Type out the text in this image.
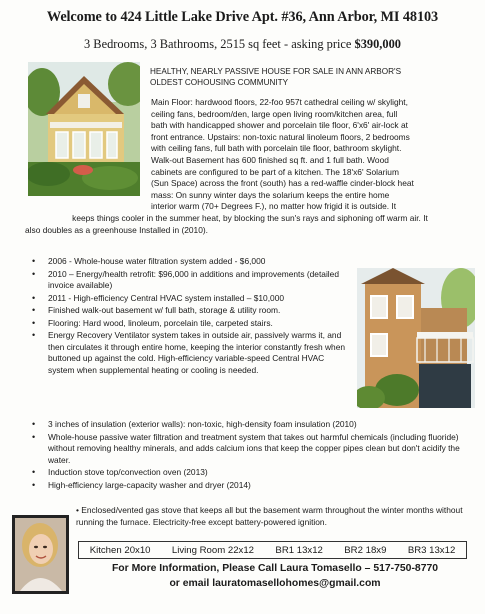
Welcome to 424 Little Lake Drive Apt. #36, Ann Arbor, MI 48103
3 Bedrooms, 3 Bathrooms, 2515 sq feet - asking price $390,000
HEALTHY, NEARLY PASSIVE HOUSE FOR SALE IN ANN ARBOR'S
OLDEST COHOUSING COMMUNITY

Main Floor: hardwood floors, 22-foo 957t cathedral ceiling w/ skylight,

ceiling fans, bedroom/den, large open living room/kitchen area, full

bath with handicapped shower and porcelain tile floor, 6'x6' air-lock at

front entrance. Upstairs: non-toxic natural linoleum floors, 2 bedrooms

with ceiling fans, full bath with porcelain tile floor, bathroom skylight.

Walk-out Basement has 600 finished sq ft. and 1 full bath. Wood

cabinets are configured to be part of a kitchen. The 18'x6' Solarium

(Sun Space) across the front (south) has a red-waffle cinder-block heat

mass: On sunny winter days the solarium keeps the entire home

interior warm (70+ Degrees F.), no matter how frigid it is outside. It

keeps things cooler in the summer heat, by blocking the sun's rays and siphoning off warm air. It

also doubles as a greenhouse Installed in (2010).

• 2006 - Whole-house water filtration system added - $6,000
• 2010 – Energy/health retrofit: $96,000 in additions and improvements (detailed invoice available)
• 2011 - High-efficiency Central HVAC system installed – $10,000
• Finished walk-out basement w/ full bath, storage & utility room.
• Flooring: Hard wood, linoleum, porcelain tile, carpeted stairs.
• Energy Recovery Ventilator system takes in outside air, passively warms it, and then circulates it through entire home, keeping the interior constantly fresh when buttoned up against the cold. High-efficiency variable-speed Central HVAC system when supplemental heating or cooling is needed.
• 3 inches of insulation (exterior walls): non-toxic, high-density foam insulation (2010)
• Whole-house passive water filtration and treatment system that takes out harmful chemicals (including fluoride) without removing healthy minerals, and adds calcium ions that keep the copper pipes clean but don't acidify the water.
• Induction stove top/convection oven (2013)
• High-efficiency large-capacity washer and dryer (2014)
• Enclosed/vented gas stove that keeps all but the basement warm throughout the winter months without running the furnace. Electricity-free except battery-powered ignition.
Kitchen 20x10 Living Room 22x12 BR1 13x12 BR2 18x9 BR3 13x12
For More Information, Please Call Laura Tomasello – 517-750-8770
or email lauratomasellohomes@gmail.com
